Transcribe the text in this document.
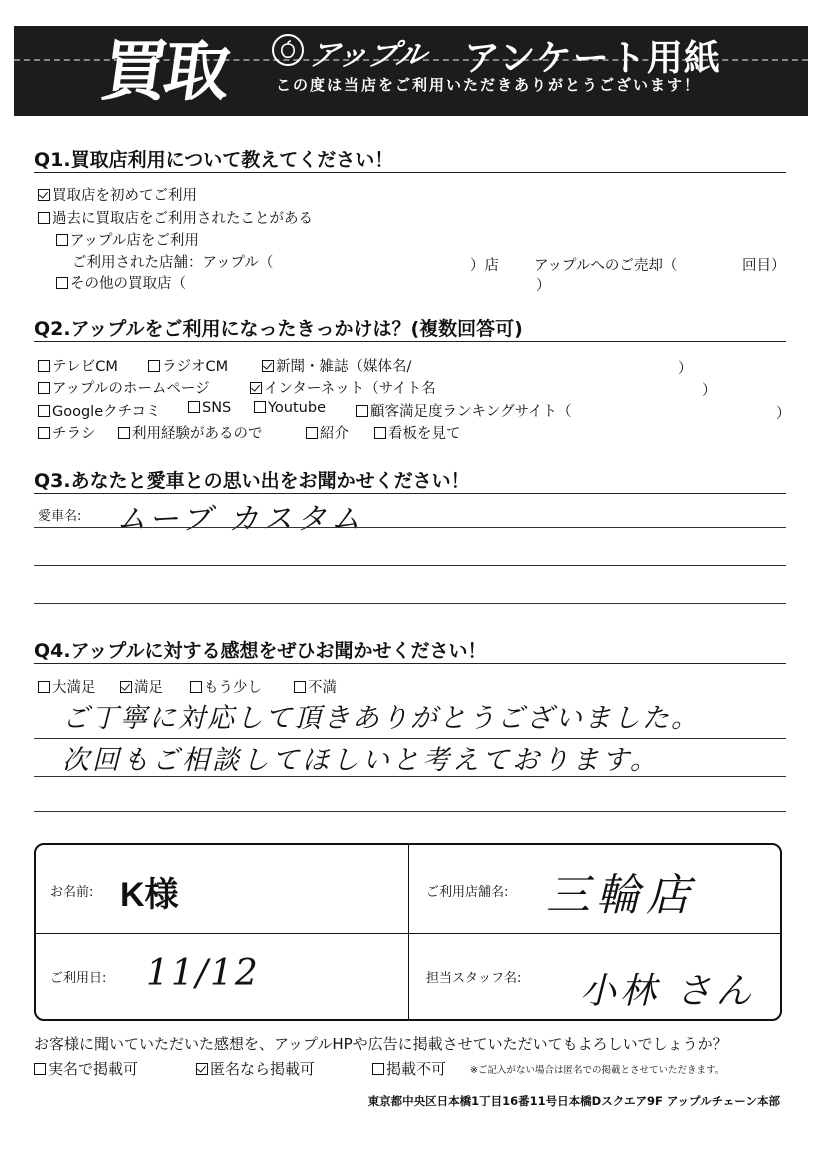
買取 アップル アンケート用紙
この度は当店をご利用いただきありがとうございます！
Q1.買取店利用について教えてください！
買取店を初めてご利用
過去に買取店をご利用されたことがある
アップル店をご利用
ご利用された店舗：アップル（	）店 アップルへのご売却（	回目）
その他の買取店（	）
Q2.アップルをご利用になったきっかけは？(複数回答可)
テレビCM	ラジオCM	新聞・雑誌（媒体名/	）
アップルのホームページ	インターネット（サイト名	）
Googleクチコミ	SNS	Youtube	顧客満足度ランキングサイト（	）
チラシ	利用経験があるので	紹介	看板を見て
Q3.あなたと愛車との思い出をお聞かせください！
愛車名: ムーブ カスタム
Q4.アップルに対する感想をぜひお聞かせください！
大満足	満足	もう少し	不満
ご丁寧に対応して頂きありがとうございました。
次回もご相談してほしいと考えております。
お名前: K様	ご利用店舗名: 三輪店
ご利用日: 11/12	担当スタッフ名: 小林 さん
お客様に聞いていただいた感想を、アップルHPや広告に掲載させていただいてもよろしいでしょうか？
実名で掲載可	匿名なら掲載可	掲載不可	※ご記入がない場合は匿名での掲載とさせていただきます。
東京都中央区日本橋1丁目16番11号日本橋Dスクエア9F アップルチェーン本部
